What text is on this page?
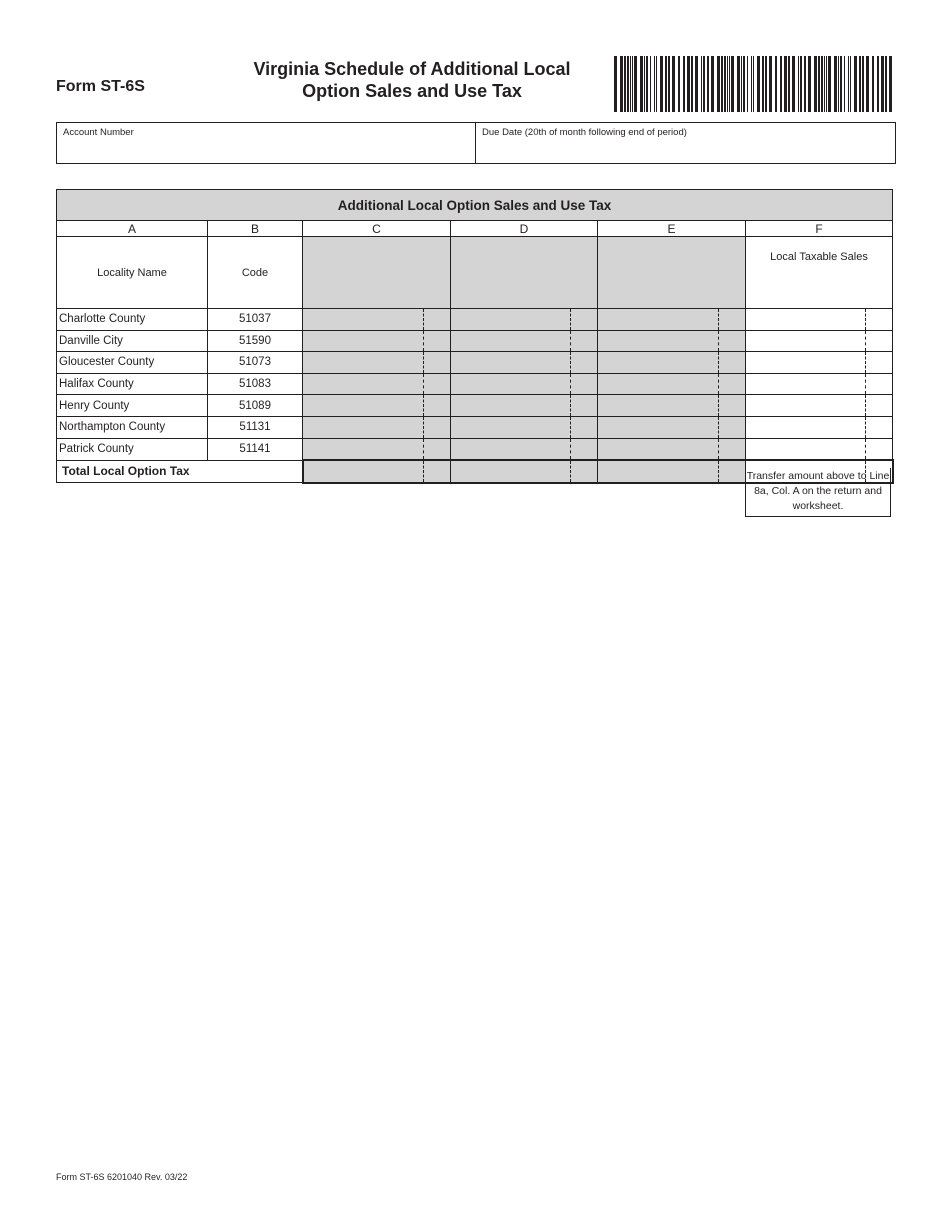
Form ST-6S
Virginia Schedule of Additional Local
Option Sales and Use Tax
Account Number	Due Date (20th of month following end of period)
Additional Local Option Sales and Use Tax					
A	B	C	D	E	F
Locality Name	Code				Local Taxable Sales
Charlotte County	51037				
Danville City	51590				
Gloucester County	51073				
Halifax County	51083				
Henry County	51089				
Northampton County	51131				
Patrick County	51141				
Total Local Option Tax					Transfer amount above to Line 8a, Col. A on the return and worksheet.
Form ST-6S 6201040 Rev. 03/22
